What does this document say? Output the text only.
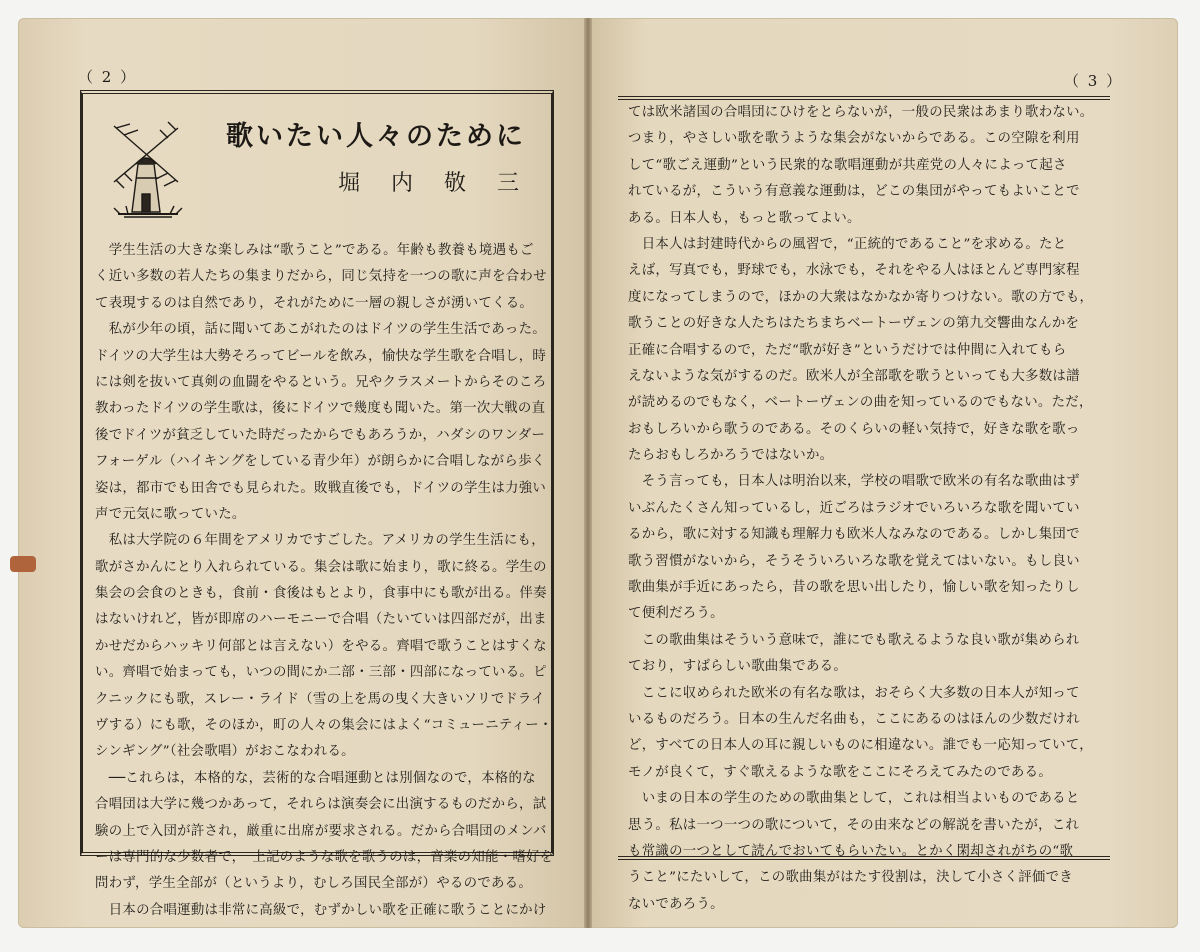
（ 2 ）	（ 3 ）
歌いたい人々のために
堀 内 敬 三
　学生生活の大きな楽しみは“歌うこと”である。年齢も教養も境遇もご
く近い多数の若人たちの集まりだから，同じ気持を一つの歌に声を合わせ
て表現するのは自然であり，それがために一層の親しさが湧いてくる。
　私が少年の頃，話に聞いてあこがれたのはドイツの学生生活であった。
ドイツの大学生は大勢そろってビールを飲み，愉快な学生歌を合唱し，時
には剣を抜いて真剣の血闘をやるという。兄やクラスメートからそのころ
教わったドイツの学生歌は，後にドイツで幾度も聞いた。第一次大戦の直
後でドイツが貧乏していた時だったからでもあろうか，ハダシのワンダー
フォーゲル（ハイキングをしている青少年）が朗らかに合唱しながら歩く
姿は，都市でも田舎でも見られた。敗戦直後でも，ドイツの学生は力強い
声で元気に歌っていた。
　私は大学院の６年間をアメリカですごした。アメリカの学生生活にも，
歌がさかんにとり入れられている。集会は歌に始まり，歌に終る。学生の
集会の会食のときも，食前・食後はもとより，食事中にも歌が出る。伴奏
はないけれど，皆が即席のハーモニーで合唱（たいていは四部だが，出ま
かせだからハッキリ何部とは言えない）をやる。齊唱で歌うことはすくな
い。齊唱で始まっても，いつの間にか二部・三部・四部になっている。ピ
クニックにも歌，スレー・ライド（雪の上を馬の曳く大きいソリでドライ
ヴする）にも歌，そのほか，町の人々の集会にはよく“コミューニティー・
シンギング”（社会歌唱）がおこなわれる。
　──これらは，本格的な，芸術的な合唱運動とは別個なので，本格的な
合唱団は大学に幾つかあって，それらは演奏会に出演するものだから，試
験の上で入団が許され，厳重に出席が要求される。だから合唱団のメンバ
ーは専門的な少数者で，　上記のような歌を歌うのは，音楽の知能・嗜好を
問わず，学生全部が（というより，むしろ国民全部が）やるのである。
　日本の合唱運動は非常に高級で，むずかしい歌を正確に歌うことにかけ
ては欧米諸国の合唱団にひけをとらないが，一般の民衆はあまり歌わない。
つまり，やさしい歌を歌うような集会がないからである。この空隙を利用
して“歌ごえ運動”という民衆的な歌唱運動が共産党の人々によって起さ
れているが，こういう有意義な運動は，どこの集団がやってもよいことで
ある。日本人も，もっと歌ってよい。
　日本人は封建時代からの風習で，“正統的であること”を求める。たと
えば，写真でも，野球でも，水泳でも，それをやる人はほとんど専門家程
度になってしまうので，ほかの大衆はなかなか寄りつけない。歌の方でも，
歌うことの好きな人たちはたちまちベートーヴェンの第九交響曲なんかを
正確に合唱するので，ただ“歌が好き”というだけでは仲間に入れてもら
えないような気がするのだ。欧米人が全部歌を歌うといっても大多数は譜
が読めるのでもなく，ベートーヴェンの曲を知っているのでもない。ただ，
おもしろいから歌うのである。そのくらいの軽い気持で，好きな歌を歌っ
たらおもしろかろうではないか。
　そう言っても，日本人は明治以来，学校の唱歌で欧米の有名な歌曲はず
いぶんたくさん知っているし，近ごろはラジオでいろいろな歌を聞いてい
るから，歌に対する知識も理解力も欧米人なみなのである。しかし集団で
歌う習慣がないから，そうそういろいろな歌を覚えてはいない。もし良い
歌曲集が手近にあったら，昔の歌を思い出したり，愉しい歌を知ったりし
て便利だろう。
　この歌曲集はそういう意味で，誰にでも歌えるような良い歌が集められ
ており，すばらしい歌曲集である。
　ここに収められた欧米の有名な歌は，おそらく大多数の日本人が知って
いるものだろう。日本の生んだ名曲も，ここにあるのはほんの少数だけれ
ど，すべての日本人の耳に親しいものに相違ない。誰でも一応知っていて，
モノが良くて，すぐ歌えるような歌をここにそろえてみたのである。
　いまの日本の学生のための歌曲集として，これは相当よいものであると
思う。私は一つ一つの歌について，その由来などの解説を書いたが，これ
も常識の一つとして読んでおいてもらいたい。とかく閑却されがちの“歌
うこと”にたいして，この歌曲集がはたす役割は，決して小さく評価でき
ないであろう。
